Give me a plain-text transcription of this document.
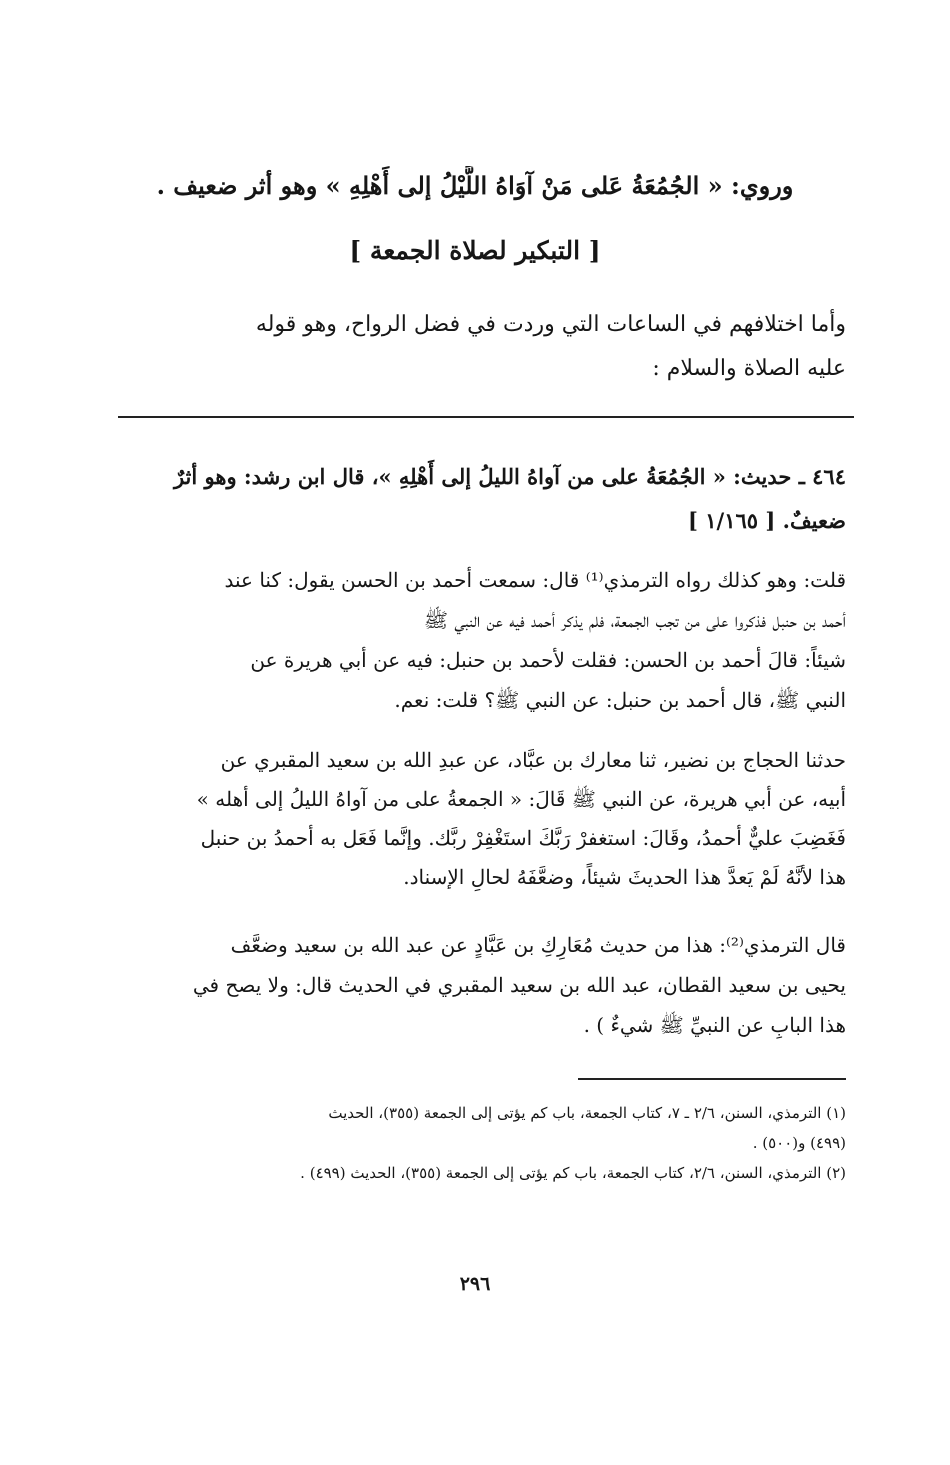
وروي: « الجُمُعَةُ عَلى مَنْ آوَاهُ اللَّيْلُ إلى أَهْلِهِ » وهو أثر ضعيف .
[ التبكير لصلاة الجمعة ]
وأما اختلافهم في الساعات التي وردت في فضل الرواح، وهو قوله
عليه الصلاة والسلام :
٤٦٤ ـ حديث: « الجُمُعَةُ على من آواهُ الليلُ إلى أَهْلِهِ »، قال ابن رشد: وهو أثرٌ
ضعيفٌ. [ ١/١٦٥ ]
قلت: وهو كذلك رواه الترمذي⁽¹⁾ قال: سمعت أحمد بن الحسن يقول: كنا عند
أحمد بن حنبل فذكروا على من تجب الجمعة، فلم يذكر أحمد فيه عن النبي ﷺ
شيئاً: قالَ أحمد بن الحسن: فقلت لأحمد بن حنبل: فيه عن أبي هريرة عن
النبي ﷺ، قال أحمد بن حنبل: عن النبي ﷺ؟ قلت: نعم.
حدثنا الحجاج بن نضير، ثنا معارك بن عبَّاد، عن عبدِ الله بن سعيد المقبري عن
أبيه، عن أبي هريرة، عن النبي ﷺ قَالَ: « الجمعةُ على من آواهُ الليلُ إلى أهله »
فَغَضِبَ عليٌّ أحمدُ، وقَالَ: استغفرْ رَبَّكَ استَغْفِرْ ربَّك. وإنَّما فَعَل به أحمدُ بن حنبل
هذا لأنَّهُ لَمْ يَعدَّ هذا الحديثَ شيئاً، وضعَّفَهُ لحالِ الإسناد.
قال الترمذي⁽²⁾: هذا من حديث مُعَارِكِ بن عَبَّادٍ عن عبد الله بن سعيد وضعَّف
يحيى بن سعيد القطان، عبد الله بن سعيد المقبري في الحديث قال: ولا يصح في
هذا البابِ عن النبيِّ ﷺ شيءٌ ) .
(١) الترمذي، السنن، ٢/٦ ـ ٧، كتاب الجمعة، باب كم يؤتى إلى الجمعة (٣٥٥)، الحديث
(٤٩٩) و(٥٠٠) .
(٢) الترمذي، السنن، ٢/٦، كتاب الجمعة، باب كم يؤتى إلى الجمعة (٣٥٥)، الحديث (٤٩٩) .
٢٩٦
